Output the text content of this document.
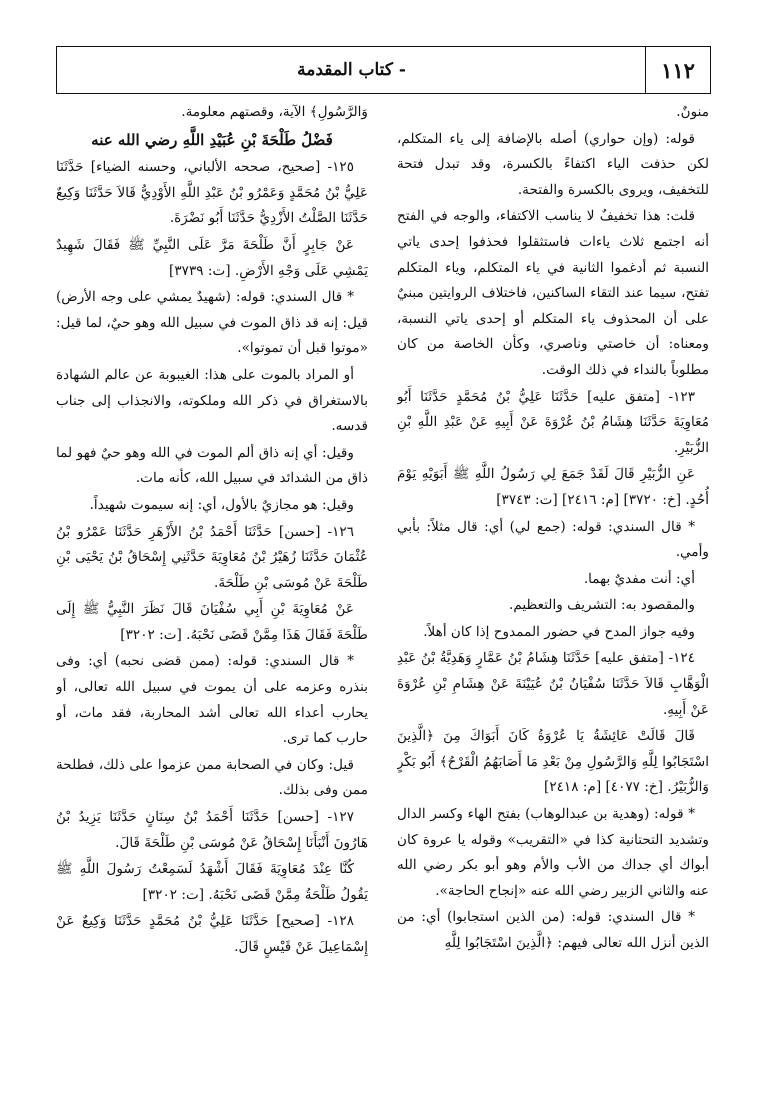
١١٢
- كتاب المقدمة

منونٌ.

قوله: (وإن حواري) أصله بالإضافة إلى ياء المتكلم، لكن حذفت الياء اكتفاءً بالكسرة، وقد تبدل فتحة للتخفيف، ويروى بالكسرة والفتحة.

قلت: هذا تخفيفٌ لا يناسب الاكتفاء، والوجه في الفتح أنه اجتمع ثلاث ياءات فاستثقلوا فحذفوا إحدى ياتي النسبة ثم أدغموا الثانية في ياء المتكلم، وياء المتكلم تفتح، سيما عند التقاء الساكنين، فاختلاف الروايتين مبنيٌ على أن المحذوف ياء المتكلم أو إحدى ياتي النسبة، ومعناه: أن خاصتي وناصري، وكأن الخاصة من كان مطلوباً بالنداء في ذلك الوقت.

١٢٣- [متفق عليه] حَدَّثَنَا عَلِيُّ بْنُ مُحَمَّدٍ حَدَّثَنَا أَبُو مُعَاوِيَةَ حَدَّثَنَا هِشَامُ بْنُ عُرْوَةَ عَنْ أَبِيهِ عَنْ عَبْدِ اللَّهِ بْنِ الزُّبَيْرِ.

عَنِ الزُّبَيْرِ قَالَ لَقَدْ جَمَعَ لِي رَسُولُ اللَّهِ ﷺ أَبَوَيْهِ يَوْمَ أُحُدٍ. [خ: ٣٧٢٠] [م: ٢٤١٦] [ت: ٣٧٤٣]

* قال السندي: قوله: (جمع لي) أي: قال مثلاً: بأبي وأمي.

أي: أنت مفديٌ بهما.

والمقصود به: التشريف والتعظيم.

وفيه جواز المدح في حضور الممدوح إذا كان أهلاً.

١٢٤- [متفق عليه] حَدَّثَنَا هِشَامُ بْنُ عَمَّارٍ وَهَدِيَّةُ بْنُ عَبْدِ الْوَهَّابِ قَالاَ حَدَّثَنَا سُفْيَانُ بْنُ عُيَيْنَةَ عَنْ هِشَامِ بْنِ عُرْوَةَ عَنْ أَبِيهِ.

قَالَ قَالَتْ عَائِشَةُ يَا عُرْوَةُ كَانَ أَبَوَاكَ مِنَ ﴿الَّذِينَ اسْتَجَابُوا لِلَّهِ وَالرَّسُولِ مِنْ بَعْدِ مَا أَصَابَهُمُ الْقَرْحُ﴾ أَبُو بَكْرٍ وَالزُّبَيْرُ. [خ: ٤٠٧٧] [م: ٢٤١٨]

* قوله: (وهدية بن عبدالوهاب) بفتح الهاء وكسر الدال وتشديد التحتانية كذا في «التقريب» وقوله يا عروة كان أبواك أي جداك من الأب والأم وهو أبو بكر رضي الله عنه والثاني الزبير رضي الله عنه «إنجاح الحاجة».

* قال السندي: قوله: (من الذين استجابوا) أي: من الذين أنزل الله تعالى فيهم: ﴿الَّذِينَ اسْتَجَابُوا لِلَّهِ

وَالرَّسُولِ﴾ الآية، وقصتهم معلومة.

فَضْلُ طَلْحَةَ بْنِ عُبَيْدِ اللَّهِ رضي الله عنه

١٢٥- [صحيح، صححه الألباني، وحسنه الضياء] حَدَّثَنَا عَلِيُّ بْنُ مُحَمَّدٍ وَعَمْرُو بْنُ عَبْدِ اللَّهِ الأَوْدِيُّ قَالاَ حَدَّثَنَا وَكِيعٌ حَدَّثَنَا الصَّلْتُ الأَزْدِيُّ حَدَّثَنَا أَبُو نَضْرَةَ.

عَنْ جَابِرٍ أَنَّ طَلْحَةَ مَرَّ عَلَى النَّبِيِّ ﷺ فَقَالَ شَهِيدٌ يَمْشِي عَلَى وَجْهِ الأَرْضِ. [ت: ٣٧٣٩]

* قال السندي: قوله: (شهيدٌ يمشي على وجه الأرض) قيل: إنه قد ذاق الموت في سبيل الله وهو حيٌ، لما قيل: «موتوا قبل أن تموتوا».

أو المراد بالموت على هذا: الغيبوبة عن عالم الشهادة بالاستغراق في ذكر الله وملكوته، والانجذاب إلى جناب قدسه.

وقيل: أي إنه ذاق ألم الموت في الله وهو حيٌ فهو لما ذاق من الشدائد في سبيل الله، كأنه مات.

وقيل: هو مجازيٌ بالأول، أي: إنه سيموت شهيداً.

١٢٦- [حسن] حَدَّثَنَا أَحْمَدُ بْنُ الأَزْهَرِ حَدَّثَنَا عَمْرُو بْنُ عُثْمَانَ حَدَّثَنَا زُهَيْرُ بْنُ مُعَاوِيَةَ حَدَّثَنِي إِسْحَاقُ بْنُ يَحْيَى بْنِ طَلْحَةَ عَنْ مُوسَى بْنِ طَلْحَةَ.

عَنْ مُعَاوِيَةَ بْنِ أَبِي سُفْيَانَ قَالَ نَظَرَ النَّبِيُّ ﷺ إِلَى طَلْحَةَ فَقَالَ هَذَا مِمَّنْ قَضَى نَحْبَهُ. [ت: ٣٢٠٢]

* قال السندي: قوله: (ممن قضى نحبه) أي: وفى بنذره وعزمه على أن يموت في سبيل الله تعالى، أو يحارب أعداء الله تعالى أشد المحاربة، فقد مات، أو حارب كما ترى.

قيل: وكان في الصحابة ممن عزموا على ذلك، فطلحة ممن وفى بذلك.

١٢٧- [حسن] حَدَّثَنَا أَحْمَدُ بْنُ سِنَانٍ حَدَّثَنَا يَزِيدُ بْنُ هَارُونَ أَنْبَأَنَا إِسْحَاقُ عَنْ مُوسَى بْنِ طَلْحَةَ قَالَ.

كُنَّا عِنْدَ مُعَاوِيَةَ فَقَالَ أَشْهَدُ لَسَمِعْتُ رَسُولَ اللَّهِ ﷺ يَقُولُ طَلْحَةُ مِمَّنْ قَضَى نَحْبَهُ. [ت: ٣٢٠٢]

١٢٨- [صحيح] حَدَّثَنَا عَلِيُّ بْنُ مُحَمَّدٍ حَدَّثَنَا وَكِيعٌ عَنْ إِسْمَاعِيلَ عَنْ قَيْسٍ قَالَ.
